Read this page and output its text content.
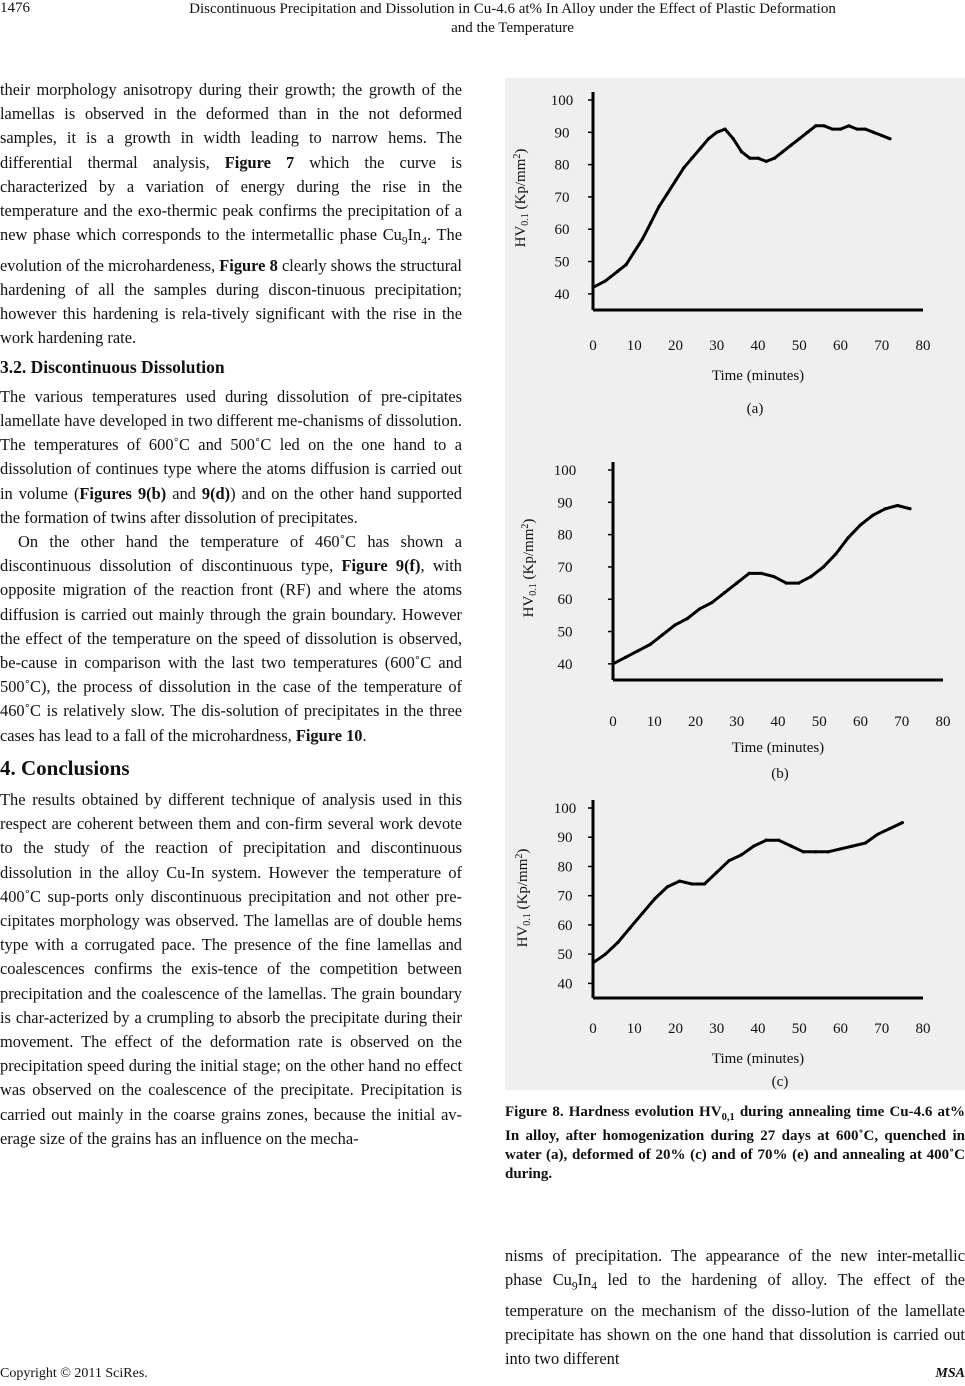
1476	Discontinuous Precipitation and Dissolution in Cu-4.6 at% In Alloy under the Effect of Plastic Deformation
and the Temperature

their morphology anisotropy during their growth; the growth of the lamellas is observed in the deformed than in the not deformed samples, it is a growth in width leading to narrow hems. The differential thermal analysis, Figure 7 which the curve is characterized by a variation of energy during the rise in the temperature and the exo-thermic peak confirms the precipitation of a new phase which corresponds to the intermetallic phase $Cu_9In_4$. The evolution of the microhardeness, Figure 8 clearly shows the structural hardening of all the samples during discon-tinuous precipitation; however this hardening is rela-tively significant with the rise in the work hardening rate.

3.2. Discontinuous Dissolution

The various temperatures used during dissolution of pre-cipitates lamellate have developed in two different me-chanisms of dissolution. The temperatures of 600˚C and 500˚C led on the one hand to a dissolution of continues type where the atoms diffusion is carried out in volume (Figures 9(b) and 9(d)) and on the other hand supported the formation of twins after dissolution of precipitates.

On the other hand the temperature of 460˚C has shown a discontinuous dissolution of discontinuous type, Figure 9(f), with opposite migration of the reaction front (RF) and where the atoms diffusion is carried out mainly through the grain boundary. However the effect of the temperature on the speed of dissolution is observed, be-cause in comparison with the last two temperatures (600˚C and 500˚C), the process of dissolution in the case of the temperature of 460˚C is relatively slow. The dis-solution of precipitates in the three cases has lead to a fall of the microhardness, Figure 10.

4. Conclusions

The results obtained by different technique of analysis used in this respect are coherent between them and con-firm several work devote to the study of the reaction of precipitation and discontinuous dissolution in the alloy Cu-In system. However the temperature of 400˚C sup-ports only discontinuous precipitation and not other pre-cipitates morphology was observed. The lamellas are of double hems type with a corrugated pace. The presence of the fine lamellas and coalescences confirms the exis-tence of the competition between precipitation and the coalescence of the lamellas. The grain boundary is char-acterized by a crumpling to absorb the precipitate during their movement. The effect of the deformation rate is observed on the precipitation speed during the initial stage; on the other hand no effect was observed on the coalescence of the precipitate. Precipitation is carried out mainly in the coarse grains zones, because the initial av-erage size of the grains has an influence on the mecha-

40
50
60
70
80
90
100
0 10 20 30 40 50 60 70 80
Time (minutes)
$HV_{0.1}$ $(Kp/mm^2)$
(a)
40
50
60
70
80
90
100
0 10 20 30 40 50 60 70 80
Time (minutes)
$HV_{0.1}$ $(Kp/mm^2)$
(b)
40
50
60
70
80
90
100
0 10 20 30 40 50 60 70 80
Time (minutes)
$HV_{0.1}$ $(Kp/mm^2)$
(c)
Figure 8. Hardness evolution $HV_{0,1}$ during annealing time Cu-4.6 at% In alloy, after homogenization during 27 days at 600˚C, quenched in water (a), deformed of 20% (c) and of 70% (e) and annealing at 400˚C during.
nisms of precipitation. The appearance of the new inter-metallic phase $Cu_9In_4$ led to the hardening of alloy. The effect of the temperature on the mechanism of the disso-lution of the lamellate precipitate has shown on the one hand that dissolution is carried out into two different
Copyright © 2011 SciRes.	MSA
